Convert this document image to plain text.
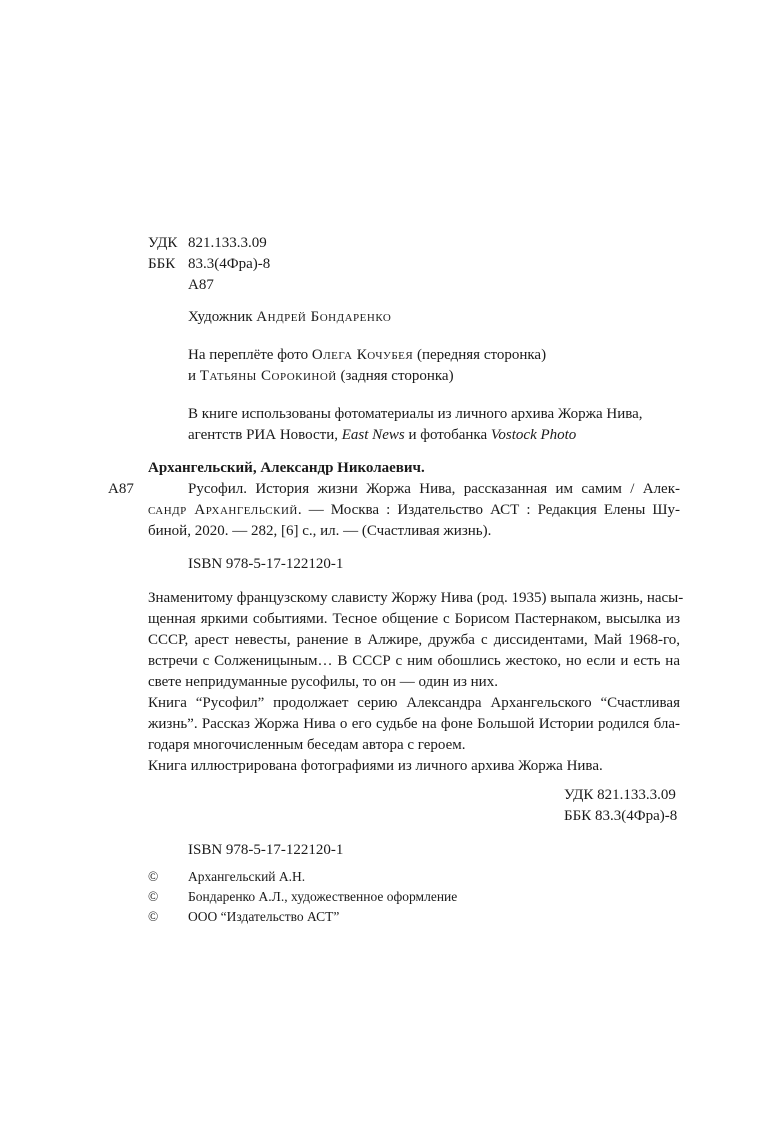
УДК 821.133.3.09
ББК 83.3(4Фра)-8
А87
Художник Андрей Бондаренко
На переплёте фото Олега Кочубея (передняя сторонка)
и Татьяны Сорокиной (задняя сторонка)
В книге использованы фотоматериалы из личного архива Жоржа Нива,
агентств РИА Новости, East News и фотобанка Vostock Photo
Архангельский, Александр Николаевич.
А87	Русофил. История жизни Жоржа Нива, рассказанная им самим / Алек-
сандр Архангельский. — Москва : Издательство АСТ : Редакция Елены Шу-
биной, 2020. — 282, [6] с., ил. — (Счастливая жизнь).
ISBN 978-5-17-122120-1
Знаменитому французскому слависту Жоржу Нива (род. 1935) выпала жизнь, насы-
щенная яркими событиями. Тесное общение с Борисом Пастернаком, высылка из
СССР, арест невесты, ранение в Алжире, дружба с диссидентами, Май 1968-го,
встречи с Солженицыным… В СССР с ним обошлись жестоко, но если и есть на
свете непридуманные русофилы, то он — один из них.
Книга “Русофил” продолжает серию Александра Архангельского “Счастливая
жизнь”. Рассказ Жоржа Нива о его судьбе на фоне Большой Истории родился бла-
годаря многочисленным беседам автора с героем.
Книга иллюстрирована фотографиями из личного архива Жоржа Нива.
УДК 821.133.3.09
ББК 83.3(4Фра)-8
ISBN 978-5-17-122120-1
© Архангельский А.Н.
© Бондаренко А.Л., художественное оформление
© ООО “Издательство АСТ”
